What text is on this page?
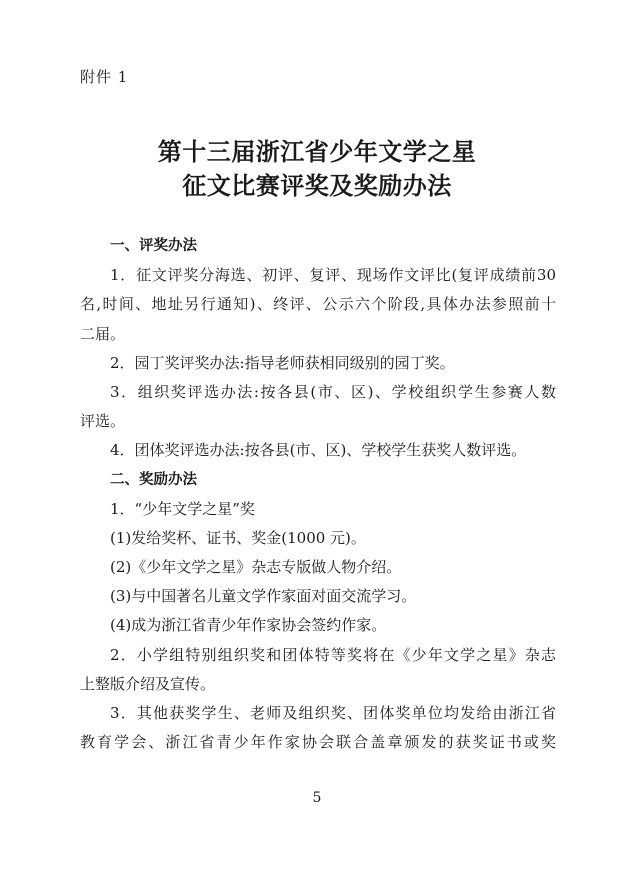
附件 1
第十三届浙江省少年文学之星
征文比赛评奖及奖励办法
一、评奖办法
1．征文评奖分海选、初评、复评、现场作文评比(复评成绩前30
名,时间、地址另行通知)、终评、公示六个阶段,具体办法参照前十
二届。
2．园丁奖评奖办法:指导老师获相同级别的园丁奖。
3．组织奖评选办法:按各县(市、区)、学校组织学生参赛人数
评选。
4．团体奖评选办法:按各县(市、区)、学校学生获奖人数评选。
二、奖励办法
1．“少年文学之星”奖
(1)发给奖杯、证书、奖金(1000 元)。
(2)《少年文学之星》杂志专版做人物介绍。
(3)与中国著名儿童文学作家面对面交流学习。
(4)成为浙江省青少年作家协会签约作家。
2．小学组特别组织奖和团体特等奖将在《少年文学之星》杂志
上整版介绍及宣传。
3．其他获奖学生、老师及组织奖、团体奖单位均发给由浙江省
教育学会、浙江省青少年作家协会联合盖章颁发的获奖证书或奖
5
